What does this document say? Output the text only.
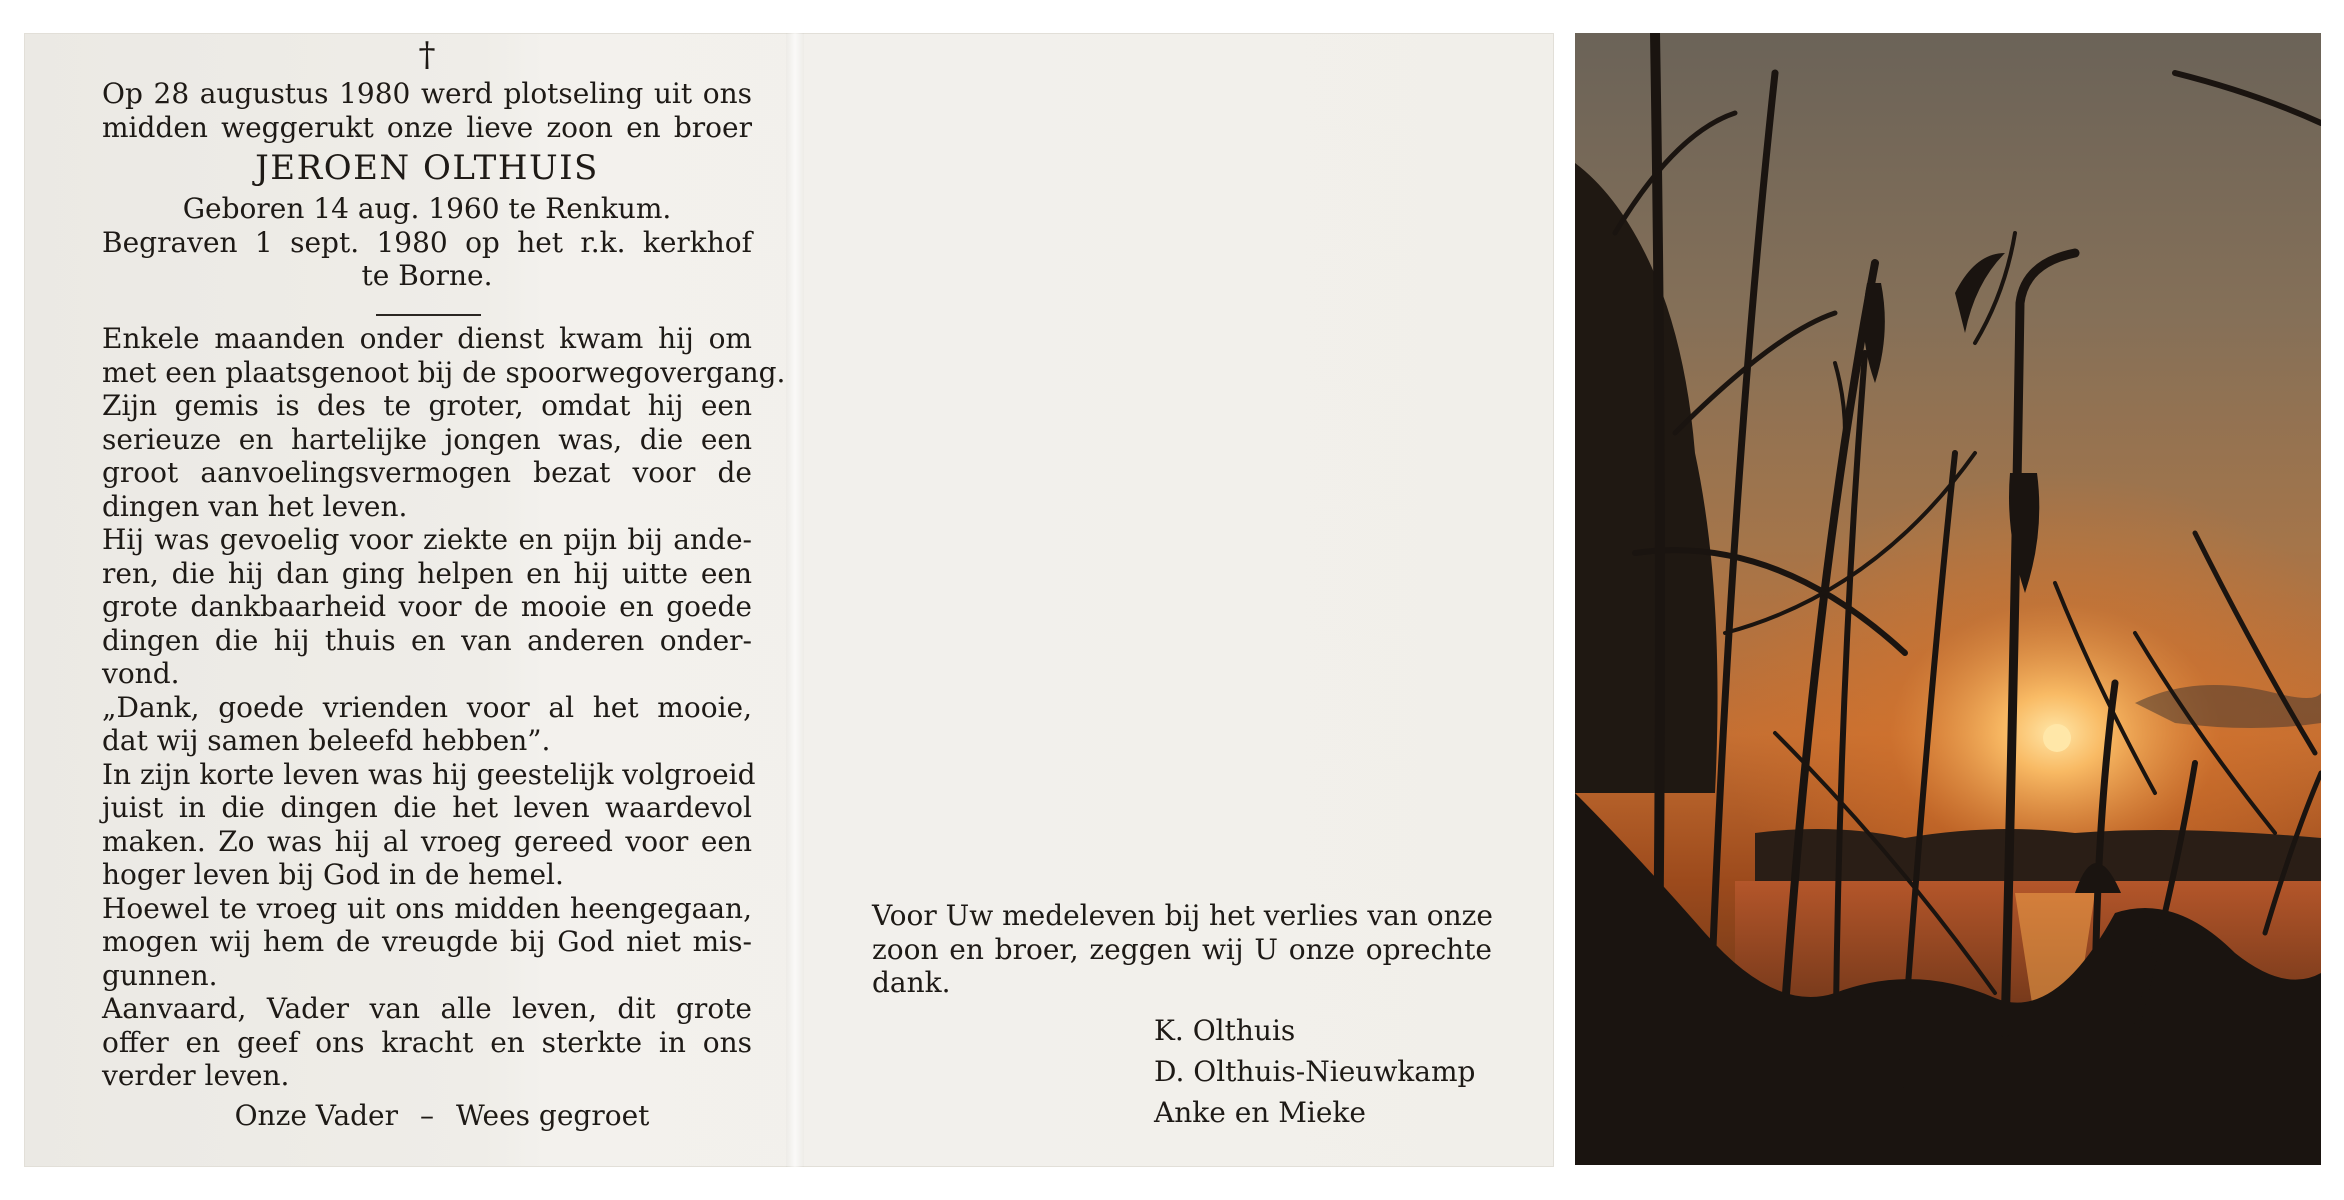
†
Op 28 augustus 1980 werd plotseling uit ons
midden weggerukt onze lieve zoon en broer
JEROEN OLTHUIS
Geboren 14 aug. 1960 te Renkum.
Begraven 1 sept. 1980 op het r.k. kerkhof
te Borne.
Enkele maanden onder dienst kwam hij om
met een plaatsgenoot bij de spoorwegovergang.
Zijn gemis is des te groter, omdat hij een
serieuze en hartelijke jongen was, die een
groot aanvoelingsvermogen bezat voor de
dingen van het leven.
Hij was gevoelig voor ziekte en pijn bij ande-
ren, die hij dan ging helpen en hij uitte een
grote dankbaarheid voor de mooie en goede
dingen die hij thuis en van anderen onder-
vond.
„Dank, goede vrienden voor al het mooie,
dat wij samen beleefd hebben”.
In zijn korte leven was hij geestelijk volgroeid
juist in die dingen die het leven waardevol
maken. Zo was hij al vroeg gereed voor een
hoger leven bij God in de hemel.
Hoewel te vroeg uit ons midden heengegaan,
mogen wij hem de vreugde bij God niet mis-
gunnen.
Aanvaard, Vader van alle leven, dit grote
offer en geef ons kracht en sterkte in ons
verder leven.
Onze Vader – Wees gegroet
Voor Uw medeleven bij het verlies van onze
zoon en broer, zeggen wij U onze oprechte
dank.
K. Olthuis
D. Olthuis-Nieuwkamp
Anke en Mieke
